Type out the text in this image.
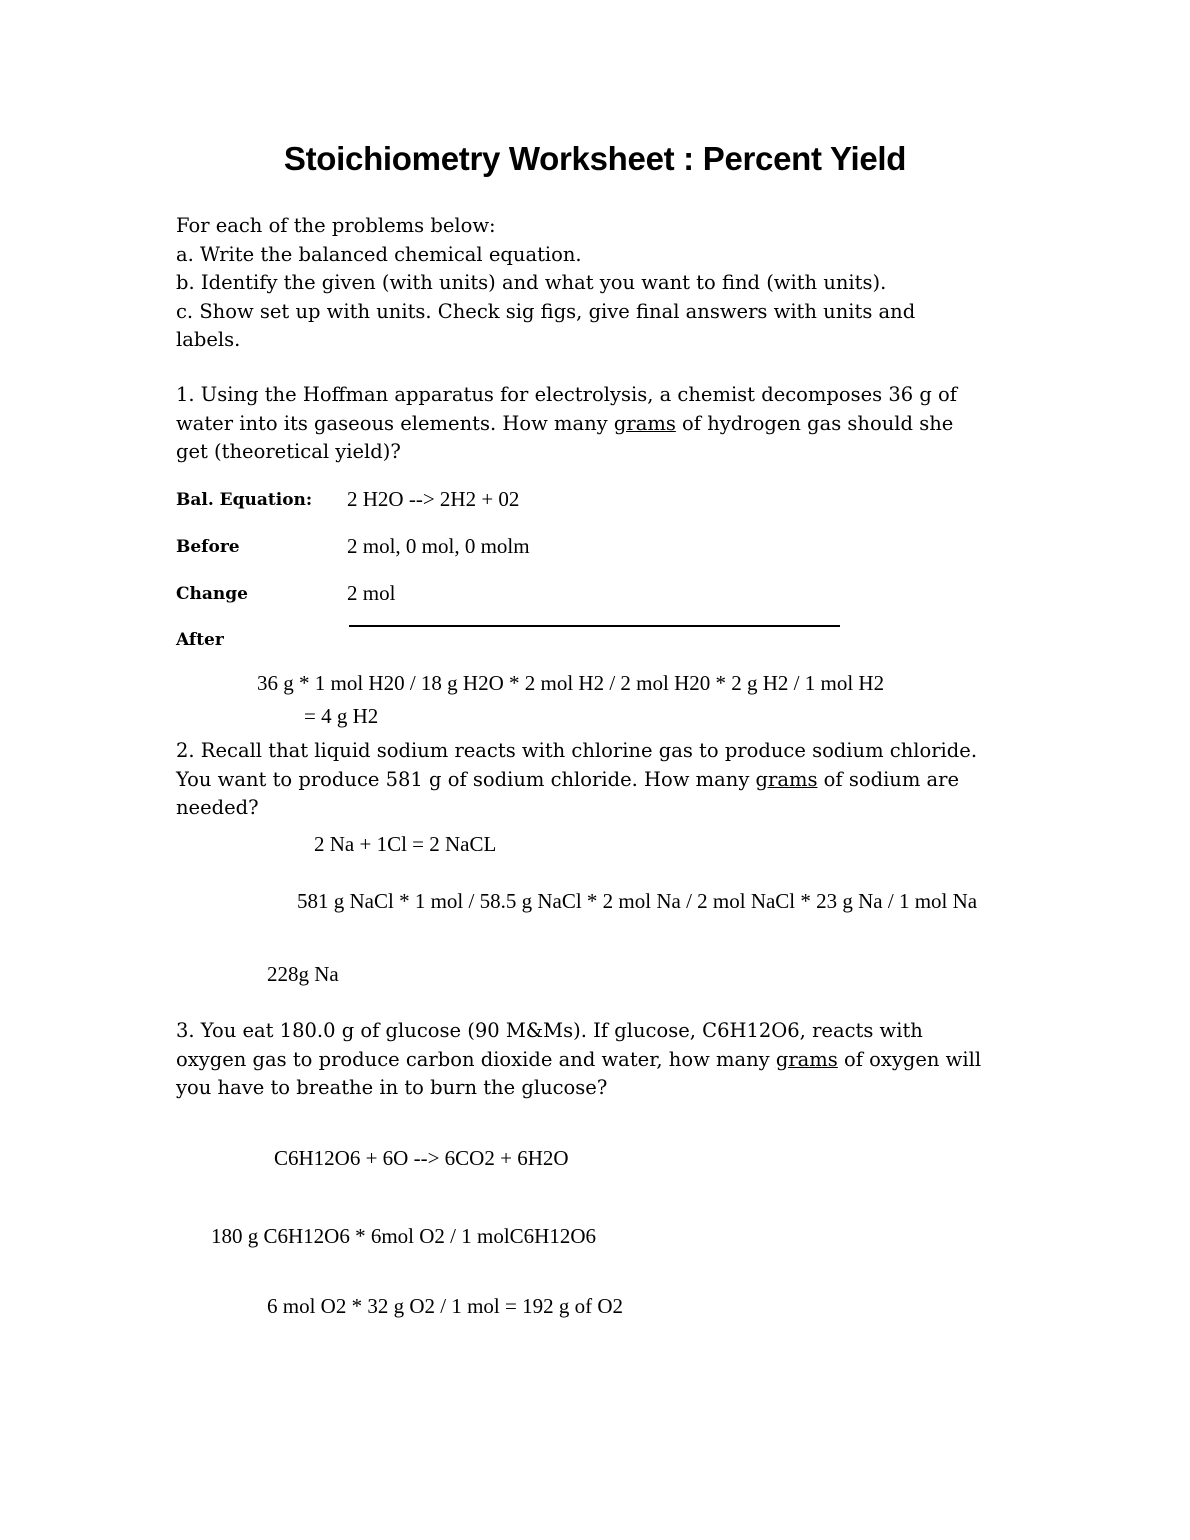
Stoichiometry Worksheet : Percent Yield
For each of the problems below:
a. Write the balanced chemical equation.
b. Identify the given (with units) and what you want to find (with units).
c. Show set up with units. Check sig figs, give final answers with units and
labels.
1. Using the Hoffman apparatus for electrolysis, a chemist decomposes 36 g of
water into its gaseous elements. How many grams of hydrogen gas should she
get (theoretical yield)?
Bal. Equation: 2 H2O --> 2H2 + 02
Before	2 mol, 0 mol, 0 molm
Change	2 mol
After
36 g * 1 mol H20 / 18 g H2O * 2 mol H2 / 2 mol H20 * 2 g H2 / 1 mol H2
= 4 g H2
2. Recall that liquid sodium reacts with chlorine gas to produce sodium chloride.
You want to produce 581 g of sodium chloride. How many grams of sodium are
needed?
2 Na + 1Cl = 2 NaCL
581 g NaCl * 1 mol / 58.5 g NaCl * 2 mol Na / 2 mol NaCl * 23 g Na / 1 mol Na
228g Na
3. You eat 180.0 g of glucose (90 M&Ms). If glucose, C6H12O6, reacts with
oxygen gas to produce carbon dioxide and water, how many grams of oxygen will
you have to breathe in to burn the glucose?
C6H12O6 + 6O --> 6CO2 + 6H2O
180 g C6H12O6 * 6mol O2 / 1 molC6H12O6
6 mol O2 * 32 g O2 / 1 mol = 192 g of O2
